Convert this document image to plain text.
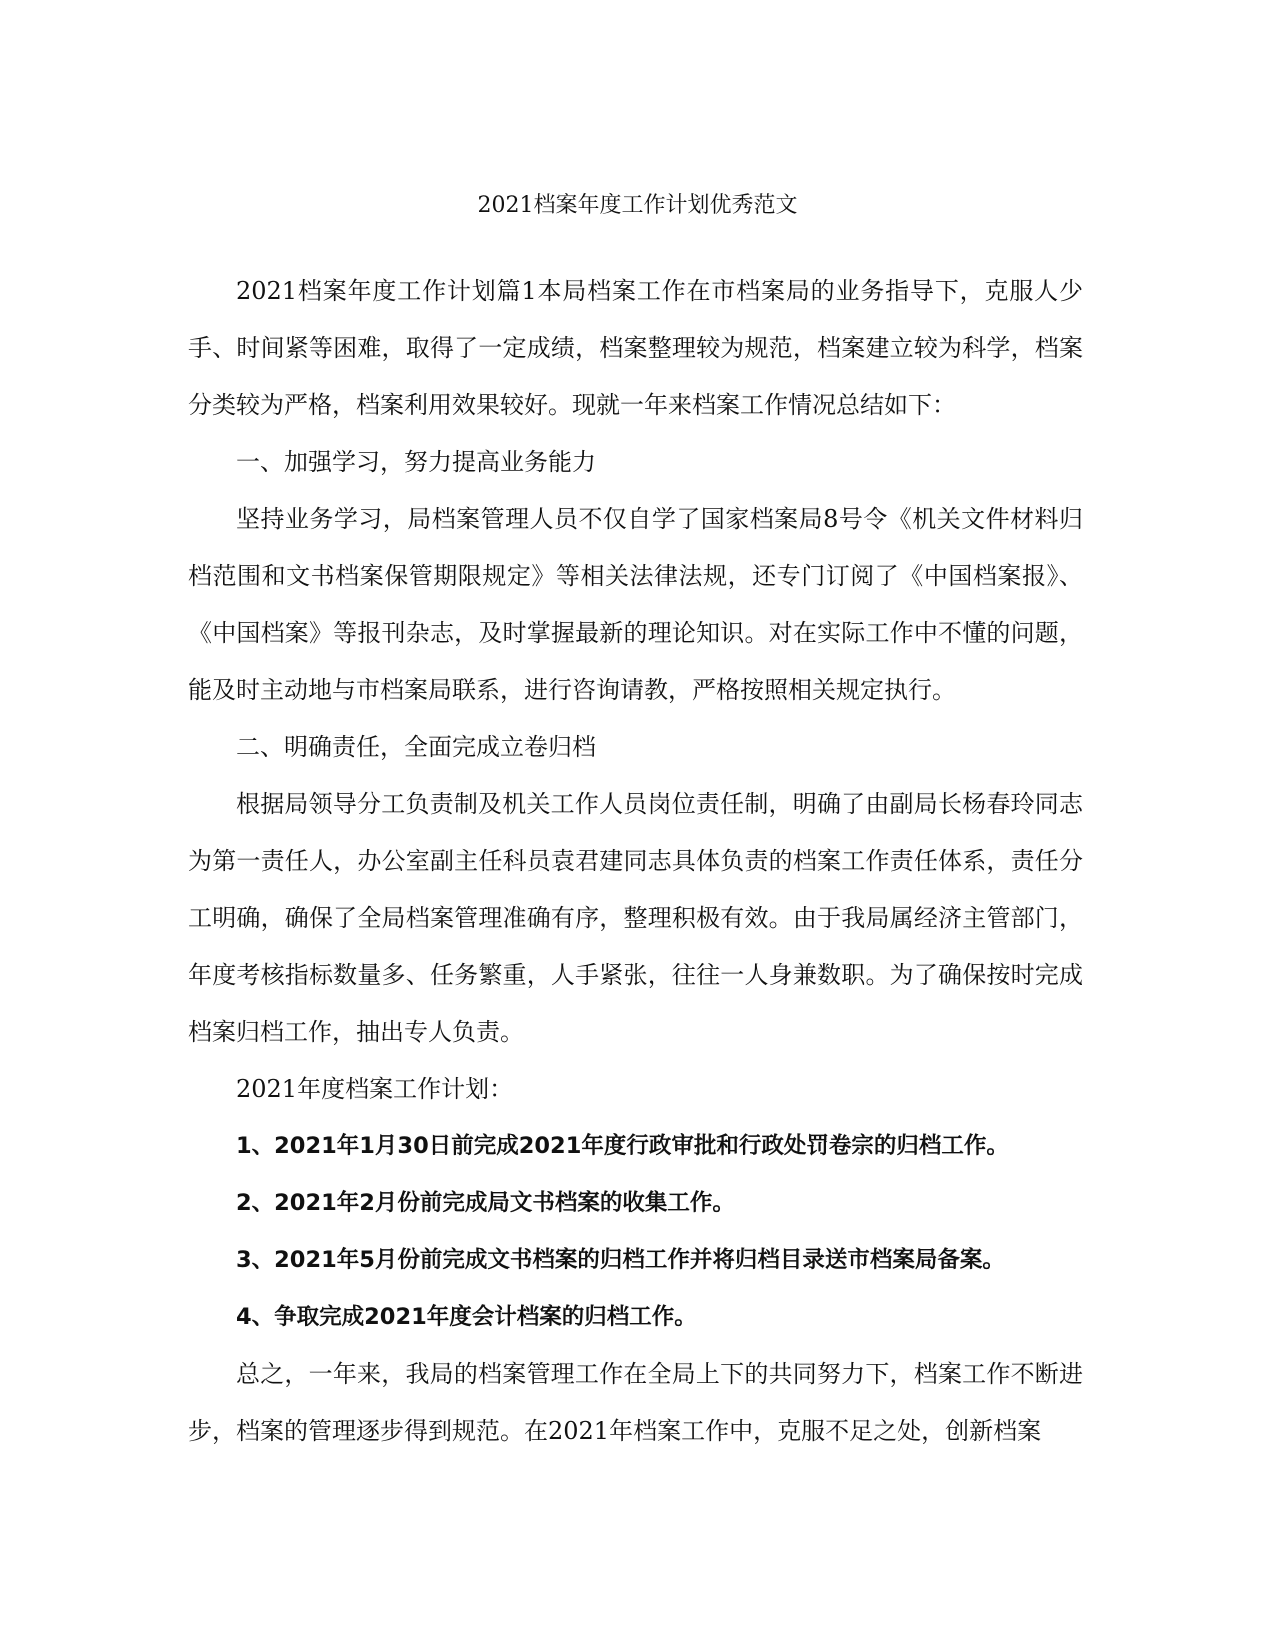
2021档案年度工作计划优秀范文

2021档案年度工作计划篇1本局档案工作在市档案局的业务指导下，克服人少手、时间紧等困难，取得了一定成绩，档案整理较为规范，档案建立较为科学，档案分类较为严格，档案利用效果较好。现就一年来档案工作情况总结如下：

一、加强学习，努力提高业务能力

坚持业务学习，局档案管理人员不仅自学了国家档案局8号令《机关文件材料归档范围和文书档案保管期限规定》等相关法律法规，还专门订阅了《中国档案报》、《中国档案》等报刊杂志，及时掌握最新的理论知识。对在实际工作中不懂的问题，能及时主动地与市档案局联系，进行咨询请教，严格按照相关规定执行。

二、明确责任，全面完成立卷归档

根据局领导分工负责制及机关工作人员岗位责任制，明确了由副局长杨春玲同志为第一责任人，办公室副主任科员袁君建同志具体负责的档案工作责任体系，责任分工明确，确保了全局档案管理准确有序，整理积极有效。由于我局属经济主管部门，年度考核指标数量多、任务繁重，人手紧张，往往一人身兼数职。为了确保按时完成档案归档工作，抽出专人负责。

2021年度档案工作计划：

1、2021年1月30日前完成2021年度行政审批和行政处罚卷宗的归档工作。

2、2021年2月份前完成局文书档案的收集工作。

3、2021年5月份前完成文书档案的归档工作并将归档目录送市档案局备案。

4、争取完成2021年度会计档案的归档工作。

总之，一年来，我局的档案管理工作在全局上下的共同努力下，档案工作不断进步，档案的管理逐步得到规范。在2021年档案工作中，克服不足之处，创新档案
